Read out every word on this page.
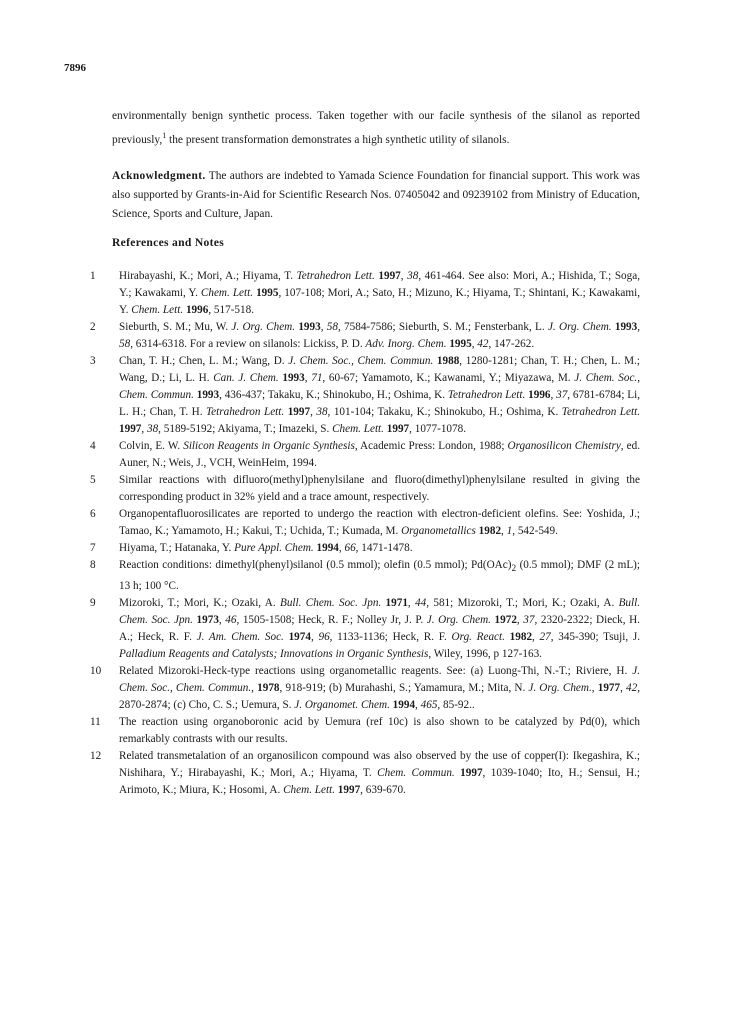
7896
environmentally benign synthetic process. Taken together with our facile synthesis of the silanol as reported previously,$^1$ the present transformation demonstrates a high synthetic utility of silanols.
Acknowledgment. The authors are indebted to Yamada Science Foundation for financial support. This work was also supported by Grants-in-Aid for Scientific Research Nos. 07405042 and 09239102 from Ministry of Education, Science, Sports and Culture, Japan.
References and Notes
1	Hirabayashi, K.; Mori, A.; Hiyama, T. Tetrahedron Lett. 1997, 38, 461-464. See also: Mori, A.; Hishida, T.; Soga, Y.; Kawakami, Y. Chem. Lett. 1995, 107-108; Mori, A.; Sato, H.; Mizuno, K.; Hiyama, T.; Shintani, K.; Kawakami, Y. Chem. Lett. 1996, 517-518.
2	Sieburth, S. M.; Mu, W. J. Org. Chem. 1993, 58, 7584-7586; Sieburth, S. M.; Fensterbank, L. J. Org. Chem. 1993, 58, 6314-6318. For a review on silanols: Lickiss, P. D. Adv. Inorg. Chem. 1995, 42, 147-262.
3	Chan, T. H.; Chen, L. M.; Wang, D. J. Chem. Soc., Chem. Commun. 1988, 1280-1281; Chan, T. H.; Chen, L. M.; Wang, D.; Li, L. H. Can. J. Chem. 1993, 71, 60-67; Yamamoto, K.; Kawanami, Y.; Miyazawa, M. J. Chem. Soc., Chem. Commun. 1993, 436-437; Takaku, K.; Shinokubo, H.; Oshima, K. Tetrahedron Lett. 1996, 37, 6781-6784; Li, L. H.; Chan, T. H. Tetrahedron Lett. 1997, 38, 101-104; Takaku, K.; Shinokubo, H.; Oshima, K. Tetrahedron Lett. 1997, 38, 5189-5192; Akiyama, T.; Imazeki, S. Chem. Lett. 1997, 1077-1078.
4	Colvin, E. W. Silicon Reagents in Organic Synthesis, Academic Press: London, 1988; Organosilicon Chemistry, ed. Auner, N.; Weis, J., VCH, WeinHeim, 1994.
5	Similar reactions with difluoro(methyl)phenylsilane and fluoro(dimethyl)phenylsilane resulted in giving the corresponding product in 32% yield and a trace amount, respectively.
6	Organopentafluorosilicates are reported to undergo the reaction with electron-deficient olefins. See: Yoshida, J.; Tamao, K.; Yamamoto, H.; Kakui, T.; Uchida, T.; Kumada, M. Organometallics 1982, 1, 542-549.
7	Hiyama, T.; Hatanaka, Y. Pure Appl. Chem. 1994, 66, 1471-1478.
8	Reaction conditions: dimethyl(phenyl)silanol (0.5 mmol); olefin (0.5 mmol); $Pd(OAc)_2$ (0.5 mmol); DMF (2 mL); 13 h; 100 °C.
9	Mizoroki, T.; Mori, K.; Ozaki, A. Bull. Chem. Soc. Jpn. 1971, 44, 581; Mizoroki, T.; Mori, K.; Ozaki, A. Bull. Chem. Soc. Jpn. 1973, 46, 1505-1508; Heck, R. F.; Nolley Jr, J. P. J. Org. Chem. 1972, 37, 2320-2322; Dieck, H. A.; Heck, R. F. J. Am. Chem. Soc. 1974, 96, 1133-1136; Heck, R. F. Org. React. 1982, 27, 345-390; Tsuji, J. Palladium Reagents and Catalysts; Innovations in Organic Synthesis, Wiley, 1996, p 127-163.
10	Related Mizoroki-Heck-type reactions using organometallic reagents. See: (a) Luong-Thi, N.-T.; Riviere, H. J. Chem. Soc., Chem. Commun., 1978, 918-919; (b) Murahashi, S.; Yamamura, M.; Mita, N. J. Org. Chem., 1977, 42, 2870-2874; (c) Cho, C. S.; Uemura, S. J. Organomet. Chem. 1994, 465, 85-92..
11	The reaction using organoboronic acid by Uemura (ref 10c) is also shown to be catalyzed by Pd(0), which remarkably contrasts with our results.
12	Related transmetalation of an organosilicon compound was also observed by the use of copper(I): Ikegashira, K.; Nishihara, Y.; Hirabayashi, K.; Mori, A.; Hiyama, T. Chem. Commun. 1997, 1039-1040; Ito, H.; Sensui, H.; Arimoto, K.; Miura, K.; Hosomi, A. Chem. Lett. 1997, 639-670.
